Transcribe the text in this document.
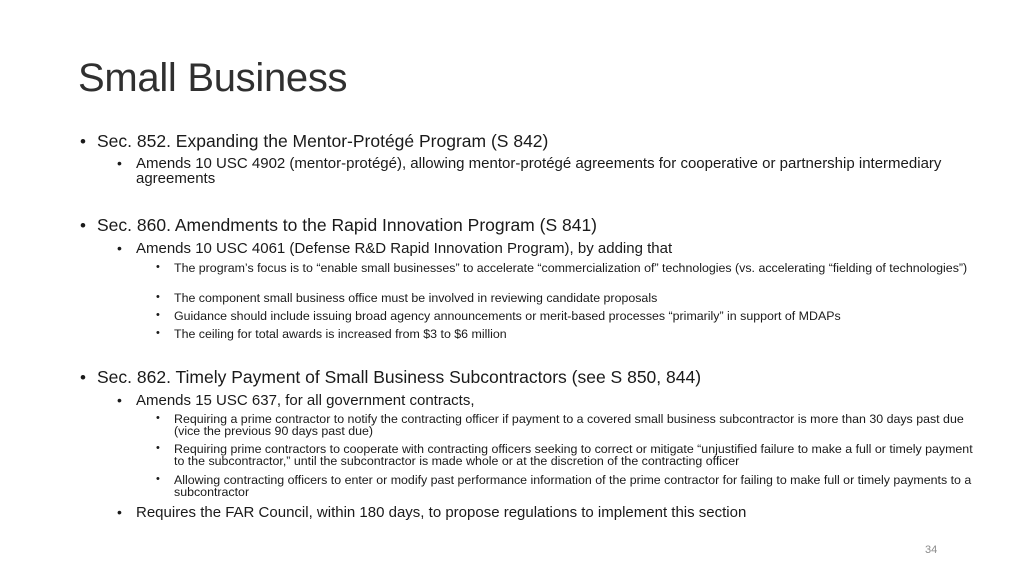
Small Business
• Sec. 852. Expanding the Mentor-Protégé Program (S 842)
• Amends 10 USC 4902 (mentor-protégé), allowing mentor-protégé agreements for cooperative or partnership intermediary agreements
• Sec. 860. Amendments to the Rapid Innovation Program (S 841)
• Amends 10 USC 4061 (Defense R&D Rapid Innovation Program), by adding that
• The program’s focus is to “enable small businesses” to accelerate “commercialization of” technologies (vs. accelerating “fielding of technologies”)
• The component small business office must be involved in reviewing candidate proposals
• Guidance should include issuing broad agency announcements or merit-based processes “primarily” in support of MDAPs
• The ceiling for total awards is increased from $3 to $6 million
• Sec. 862. Timely Payment of Small Business Subcontractors (see S 850, 844)
• Amends 15 USC 637, for all government contracts,
• Requiring a prime contractor to notify the contracting officer if payment to a covered small business subcontractor is more than 30 days past due (vice the previous 90 days past due)
• Requiring prime contractors to cooperate with contracting officers seeking to correct or mitigate “unjustified failure to make a full or timely payment to the subcontractor,” until the subcontractor is made whole or at the discretion of the contracting officer
• Allowing contracting officers to enter or modify past performance information of the prime contractor for failing to make full or timely payments to a subcontractor
• Requires the FAR Council, within 180 days, to propose regulations to implement this section
34
